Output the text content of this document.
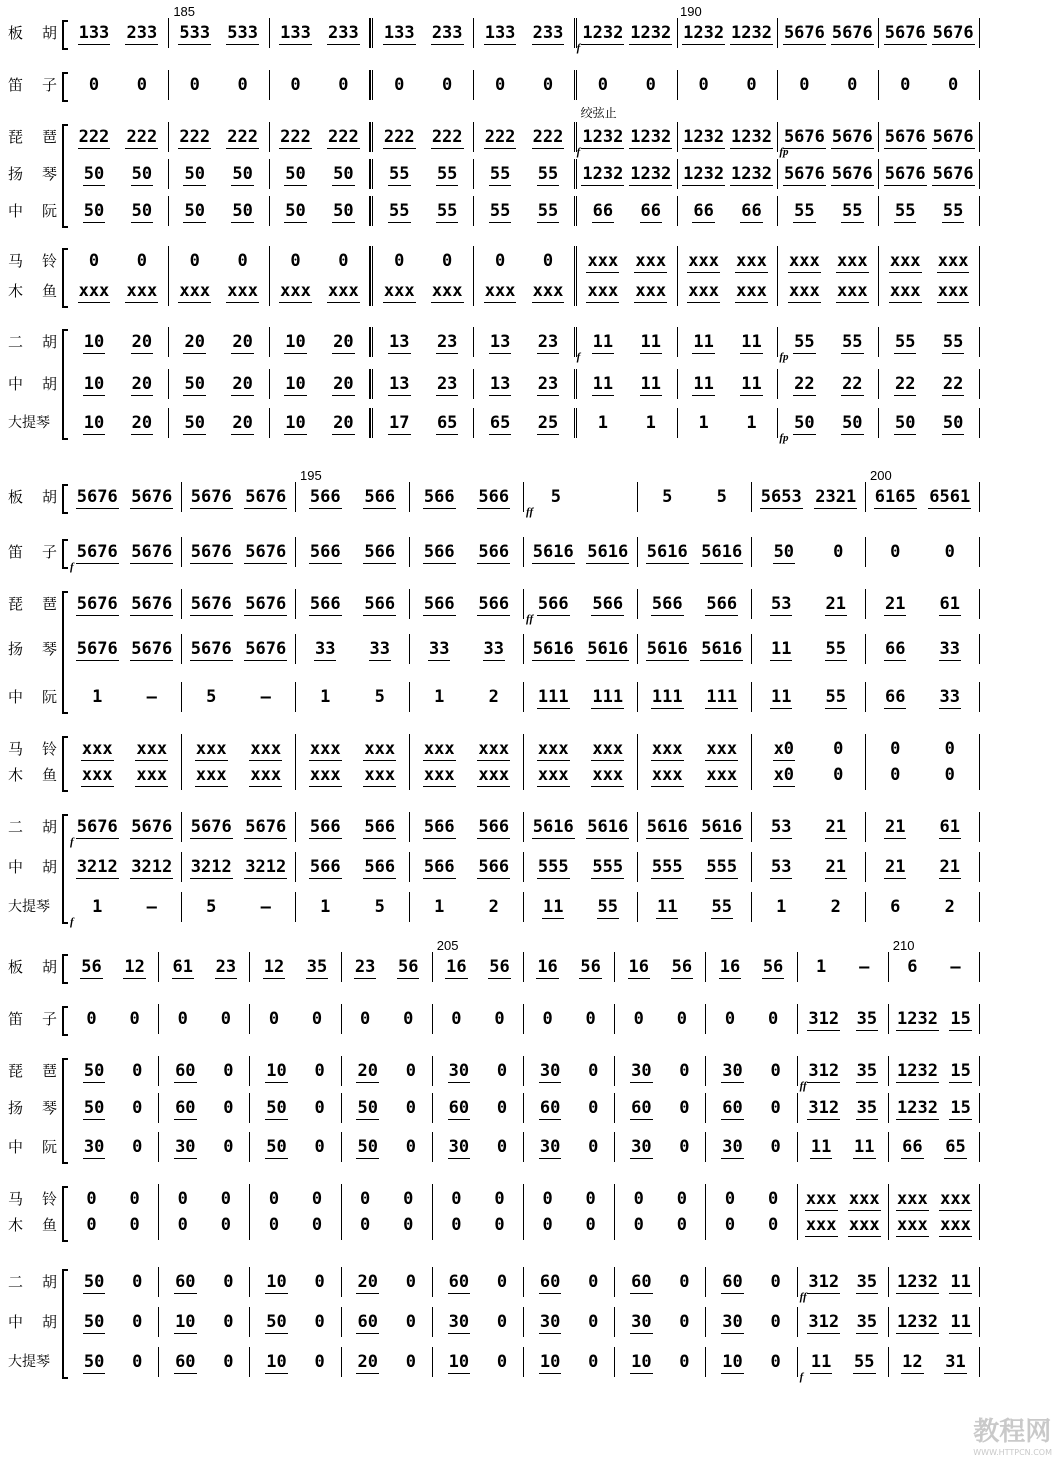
板　胡 133 233 533 533 133 233 133 233 133 233 1232 1232 1232 1232 5676 5676 5676 5676
笛　子 0 0	0 0	0 0	0 0	0 0	0 0	0 0	0 0	0 0
琵　琶 222 222 222 222 222 222 222 222 222 222 1232 1232 1232 1232 5676 5676 5676 5676
扬　琴 50 50 50 50 50 50 55 55 55 55 1232 1232 1232 1232 5676 5676 5676 5676
中　阮 50 50 50 50 50 50 55 55 55 55 66 66 66 66 55 55 55 55
马　铃 0 0	0 0	0 0	0 0	0 0 xxx xxx xxx xxx xxx xxx xxx xxx
木　鱼 xxx xxx xxx xxx xxx xxx xxx xxx xxx xxx xxx xxx xxx xxx xxx xxx xxx xxx
二　胡 10 20 20 20 10 20 13 23 13 23 11 11 11 11 55 55 55 55
中　胡 10 20 50 20 10 20 13 23 13 23 11 11 11 11 22 22 22 22
大提琴	10 20 50 20 10 20 17 65 65 25 1 1	1 1 50 50 50 50
185	190
绞弦止
板　胡 5676 5676 5676 5676 566 566 566 566 5	5	5 5653 2321 6165 6561
笛　子 5676 5676 5676 5676 566 566 566 566 5616 5616 5616 5616 50 0	0	0
琵　琶 5676 5676 5676 5676 566 566 566 566 566 566 566 566 53 21 21 61
扬　琴 5676 5676 5676 5676 33 33 33 33 5616 5616 5616 5616 11 55 66 33
中　阮 1	–	5	–	1	5	1	2 111 111 111 111 11 55 66 33
马　铃 xxx xxx xxx xxx xxx xxx xxx xxx xxx xxx xxx xxx x0 0	0	0
木　鱼 xxx xxx xxx xxx xxx xxx xxx xxx xxx xxx xxx xxx x0 0	0	0
二　胡 5676 5676 5676 5676 566 566 566 566 5616 5616 5616 5616 53 21 21 61
中　胡 3212 3212 3212 3212 566 566 566 566 555 555 555 555 53 21 21 21
大提琴	1	–	5	–	1	5	1	2	11 55 11 55	1	2	6	2
195	200
板　胡 56 12 61 23 12 35 23 56 16 56 16 56 16 56 16 56 1 – 6 –
笛　子 0 0 0 0 0 0 0 0 0 0 0 0 0 0 0 0 312 35 1232 15
琵　琶 50 0 60 0 10 0 20 0 30 0 30 0 30 0 30 0 312 35 1232 15
扬　琴 50 0 60 0 50 0 50 0 60 0 60 0 60 0 60 0 312 35 1232 15
中　阮 30 0 30 0 50 0 50 0 30 0 30 0 30 0 30 0 11 11 66 65
马　铃 0 0 0 0 0 0 0 0 0 0 0 0 0 0 0 0 xxx xxx xxx xxx
木　鱼 0 0 0 0 0 0 0 0 0 0 0 0 0 0 0 0 xxx xxx xxx xxx
二　胡 50 0 60 0 10 0 20 0 60 0 60 0 60 0 60 0 312 35 1232 11
中　胡 50 0 10 0 50 0 60 0 30 0 30 0 30 0 30 0 312 35 1232 11
大提琴	50 0 60 0 10 0 20 0 10 0 10 0 10 0 10 0 11 55 12 31
205	210
教程网
WWW.HTTPCN.COM
f
f	fp
f	fp
fp
f
ff
f
ff
f
ff
ff
f
